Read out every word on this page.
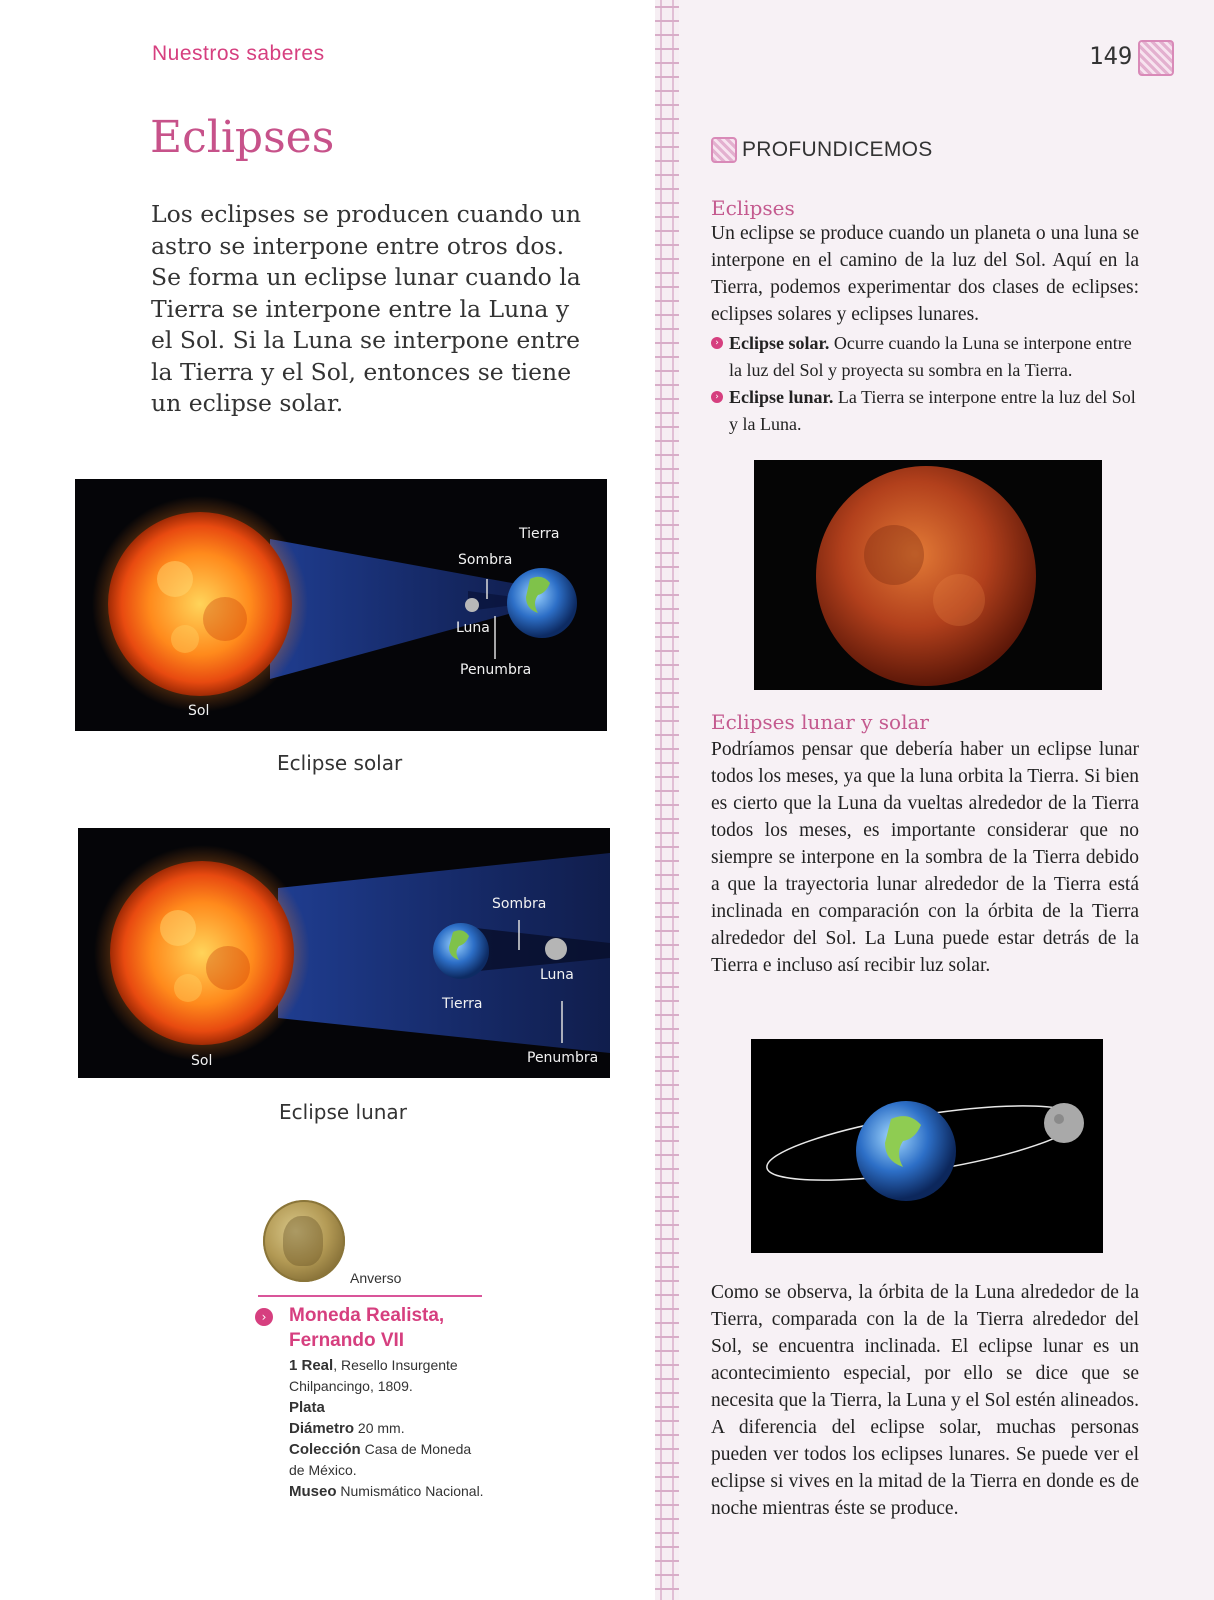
Nuestros saberes
Eclipses

Los eclipses se producen cuando un astro se interpone entre otros dos. Se forma un eclipse lunar cuando la Tierra se interpone entre la Luna y el Sol. Si la Luna se interpone entre la Tierra y el Sol, entonces se tiene un eclipse solar.

Tierra
Sombra
Luna
Penumbra
Sol
Eclipse solar
Sombra
Luna
Tierra
Penumbra
Sol
Eclipse lunar
Anverso
›	Moneda Realista, Fernando VII
1 Real, Resello Insurgente Chilpancingo, 1809.
Plata
Diámetro 20 mm.
Colección Casa de Moneda de México.
Museo Numismático Nacional.
149
PROFUNDICEMOS
Eclipses

Un eclipse se produce cuando un planeta o una luna se interpone en el camino de la luz del Sol. Aquí en la Tierra, podemos experimentar dos clases de eclipses: eclipses solares y eclipses lunares.

› Eclipse solar. Ocurre cuando la Luna se interpone entre la luz del Sol y proyecta su sombra en la Tierra.
› Eclipse lunar. La Tierra se interpone entre la luz del Sol y la Luna.
Eclipses lunar y solar

Podríamos pensar que debería haber un eclipse lunar todos los meses, ya que la luna orbita la Tierra. Si bien es cierto que la Luna da vueltas alrededor de la Tierra todos los meses, es importante considerar que no siempre se interpone en la sombra de la Tierra debido a que la trayectoria lunar alrededor de la Tierra está inclinada en comparación con la órbita de la Tierra alrededor del Sol. La Luna puede estar detrás de la Tierra e incluso así recibir luz solar.

Como se observa, la órbita de la Luna alrededor de la Tierra, comparada con la de la Tierra alrededor del Sol, se encuentra inclinada. El eclipse lunar es un acontecimiento especial, por ello se dice que se necesita que la Tierra, la Luna y el Sol estén alineados. A diferencia del eclipse solar, muchas personas pueden ver todos los eclipses lunares. Se puede ver el eclipse si vives en la mitad de la Tierra en donde es de noche mientras éste se produce.
